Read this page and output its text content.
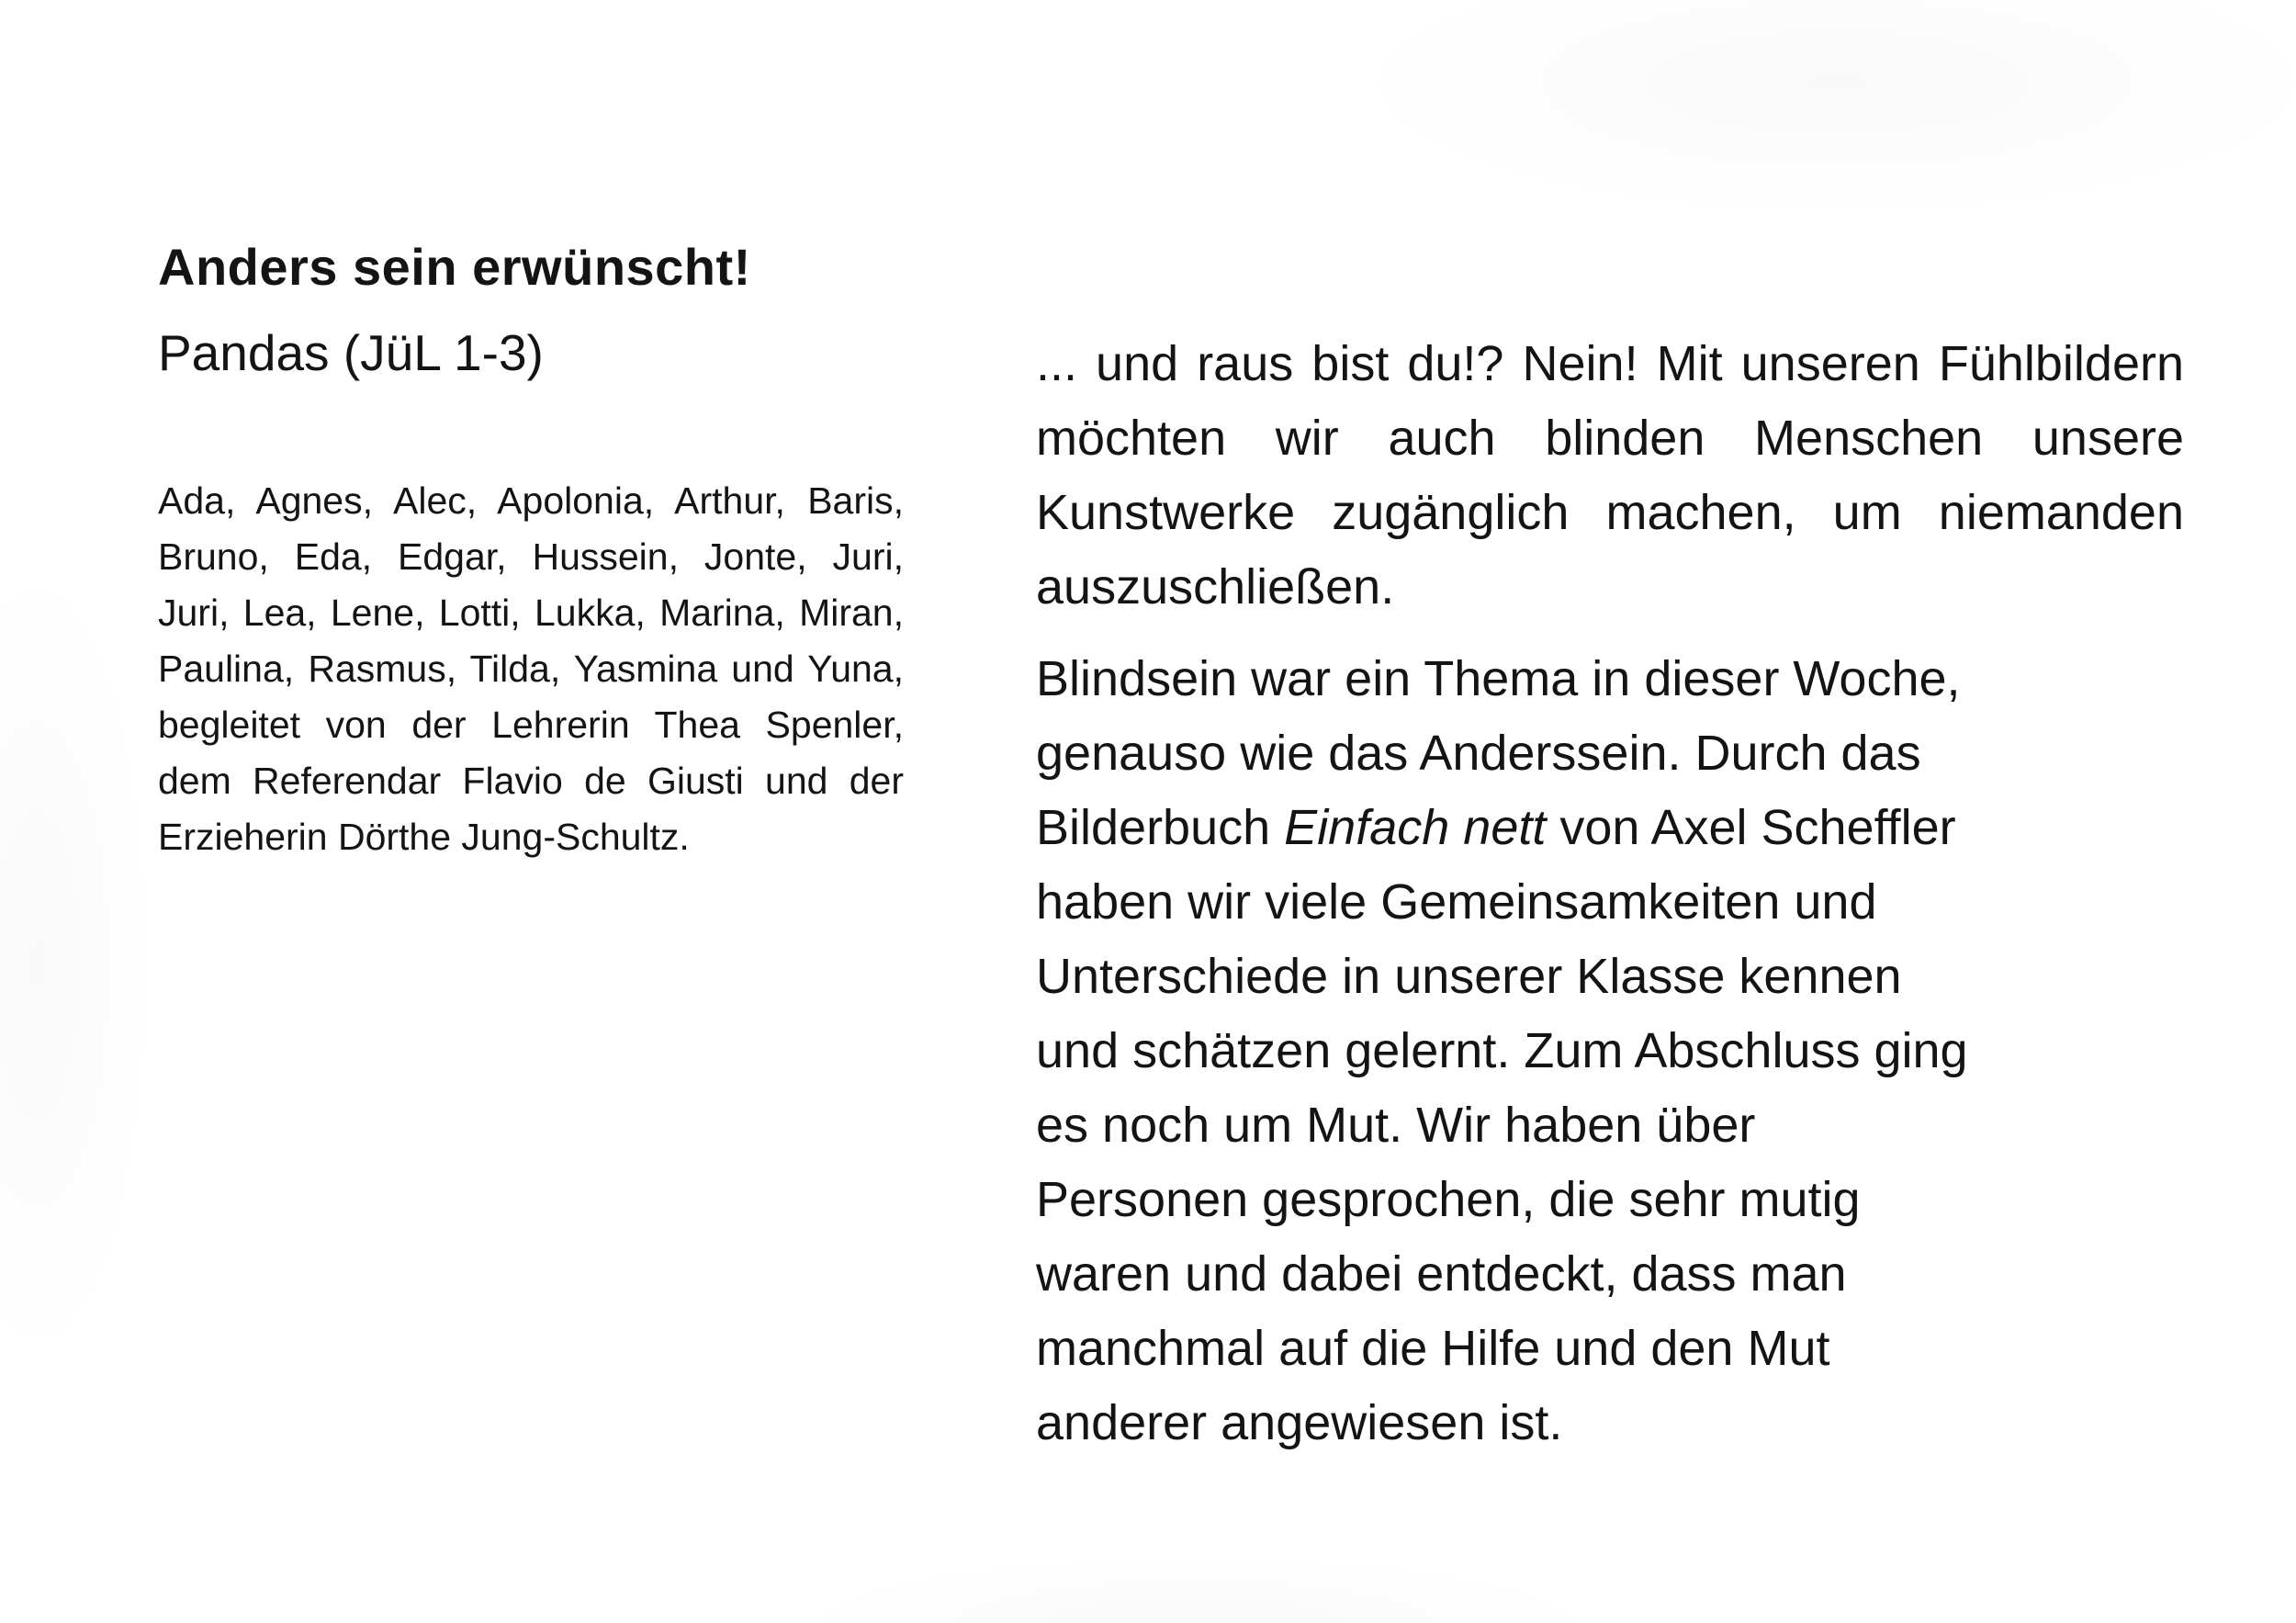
Anders sein erwünscht!
Pandas (JüL 1-3)

Ada, Agnes, Alec, Apolonia, Arthur, Baris, Bruno, Eda, Edgar, Hussein, Jonte, Juri, Juri, Lea, Lene, Lotti, Lukka, Marina, Miran, Paulina, Rasmus, Tilda, Yasmina und Yuna, begleitet von der Lehrerin Thea Spenler, dem Referendar Flavio de Giusti und der Erzieherin Dörthe Jung-Schultz.

... und raus bist du!? Nein! Mit unseren Fühlbildern möchten wir auch blinden Menschen unsere Kunstwerke zugänglich machen, um niemanden auszuschließen.

Blindsein war ein Thema in dieser Woche,
genauso wie das Anderssein. Durch das
Bilderbuch Einfach nett von Axel Scheffler
haben wir viele Gemeinsamkeiten und
Unterschiede in unserer Klasse kennen
und schätzen gelernt. Zum Abschluss ging
es noch um Mut. Wir haben über
Personen gesprochen, die sehr mutig
waren und dabei entdeckt, dass man
manchmal auf die Hilfe und den Mut
anderer angewiesen ist.
